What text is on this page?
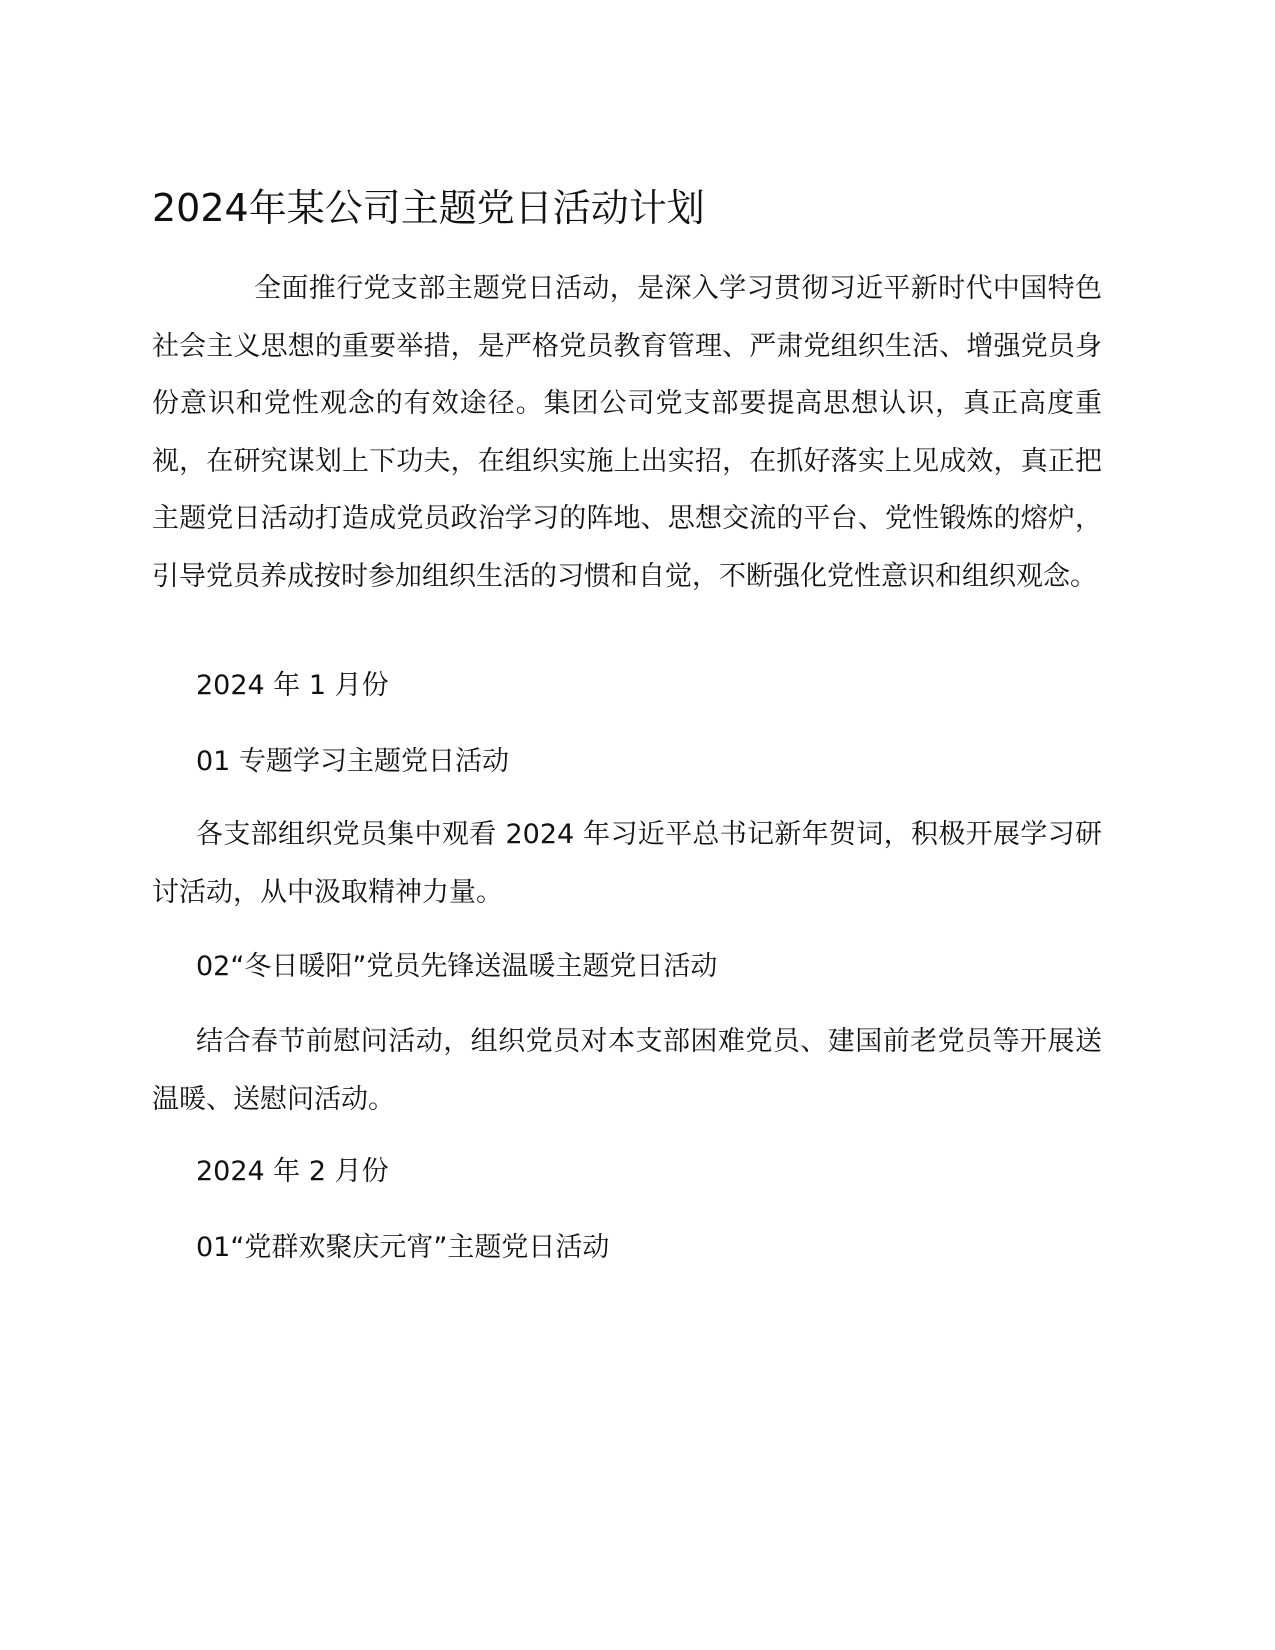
2024年某公司主题党日活动计划
全面推行党支部主题党日活动，是深入学习贯彻习近平新时代中国特色社会主义思想的重要举措，是严格党员教育管理、严肃党组织生活、增强党员身份意识和党性观念的有效途径。集团公司党支部要提高思想认识，真正高度重视，在研究谋划上下功夫，在组织实施上出实招，在抓好落实上见成效，真正把主题党日活动打造成党员政治学习的阵地、思想交流的平台、党性锻炼的熔炉，引导党员养成按时参加组织生活的习惯和自觉，不断强化党性意识和组织观念。
2024 年 1 月份
01 专题学习主题党日活动
各支部组织党员集中观看 2024 年习近平总书记新年贺词，积极开展学习研讨活动，从中汲取精神力量。
02“冬日暖阳”党员先锋送温暖主题党日活动
结合春节前慰问活动，组织党员对本支部困难党员、建国前老党员等开展送温暖、送慰问活动。
2024 年 2 月份
01“党群欢聚庆元宵”主题党日活动
